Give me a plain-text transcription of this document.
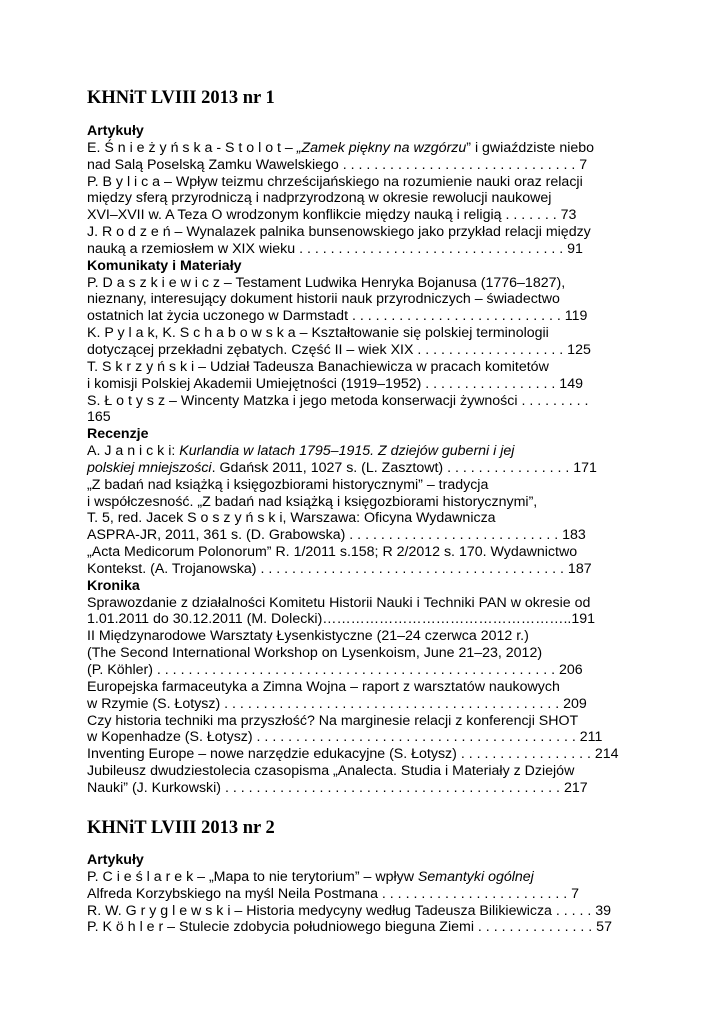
KHNiT LVIII 2013 nr 1
Artykuły
E. Ś n i e ż y ń s k a - S t o l o t – „Zamek piękny na wzgórzu” i gwiaździste niebo
nad Salą Poselską Zamku Wawelskiego . . . . . . . . . . . . . . . . . . . . . . . . . . . . . . 7
P. B y l i c a – Wpływ teizmu chrześcijańskiego na rozumienie nauki oraz relacji
między sferą przyrodniczą i nadprzyrodzoną w okresie rewolucji naukowej
XVI–XVII w. A Teza O wrodzonym konflikcie między nauką i religią . . . . . . . 73
J. R o d z e ń – Wynalazek palnika bunsenowskiego jako przykład relacji między
nauką a rzemiosłem w XIX wieku . . . . . . . . . . . . . . . . . . . . . . . . . . . . . . . . . . 91
Komunikaty i Materiały
P. D a s z k i e w i c z – Testament Ludwika Henryka Bojanusa (1776–1827),
nieznany, interesujący dokument historii nauk przyrodniczych – świadectwo
ostatnich lat życia uczonego w Darmstadt . . . . . . . . . . . . . . . . . . . . . . . . . . . 119
K. P y l a k, K. S c h a b o w s k a – Kształtowanie się polskiej terminologii
dotyczącej przekładni zębatych. Część II – wiek XIX . . . . . . . . . . . . . . . . . . . 125
T. S k r z y ń s k i – Udział Tadeusza Banachiewicza w pracach komitetów
i komisji Polskiej Akademii Umiejętności (1919–1952) . . . . . . . . . . . . . . . . . 149
S. Ł o t y s z – Wincenty Matzka i jego metoda konserwacji żywności . . . . . . . . .
165
Recenzje
A. J a n i c k i: Kurlandia w latach 1795–1915. Z dziejów guberni i jej
polskiej mniejszości. Gdańsk 2011, 1027 s. (L. Zasztowt) . . . . . . . . . . . . . . . . 171
„Z badań nad książką i księgozbiorami historycznymi” – tradycja
i współczesność. „Z badań nad książką i księgozbiorami historycznymi”,
T. 5, red. Jacek S o s z y ń s k i, Warszawa: Oficyna Wydawnicza
ASPRA-JR, 2011, 361 s. (D. Grabowska) . . . . . . . . . . . . . . . . . . . . . . . . . . . 183
„Acta Medicorum Polonorum” R. 1/2011 s.158; R 2/2012 s. 170. Wydawnictwo
Kontekst. (A. Trojanowska) . . . . . . . . . . . . . . . . . . . . . . . . . . . . . . . . . . . . . . . 187
Kronika
Sprawozdanie z działalności Komitetu Historii Nauki i Techniki PAN w okresie od
1.01.2011 do 30.12.2011 (M. Dolecki)……………………………………………..191
II Międzynarodowe Warsztaty Łysenkistyczne (21–24 czerwca 2012 r.)
(The Second International Workshop on Lysenkoism, June 21–23, 2012)
(P. Köhler) . . . . . . . . . . . . . . . . . . . . . . . . . . . . . . . . . . . . . . . . . . . . . . . . . . . 206
Europejska farmaceutyka a Zimna Wojna – raport z warsztatów naukowych
w Rzymie (S. Łotysz) . . . . . . . . . . . . . . . . . . . . . . . . . . . . . . . . . . . . . . . . . . . 209
Czy historia techniki ma przyszłość? Na marginesie relacji z konferencji SHOT
w Kopenhadze (S. Łotysz) . . . . . . . . . . . . . . . . . . . . . . . . . . . . . . . . . . . . . . . . . 211
Inventing Europe – nowe narzędzie edukacyjne (S. Łotysz) . . . . . . . . . . . . . . . . . 214
Jubileusz dwudziestolecia czasopisma „Analecta. Studia i Materiały z Dziejów
Nauki” (J. Kurkowski) . . . . . . . . . . . . . . . . . . . . . . . . . . . . . . . . . . . . . . . . . . . 217
KHNiT LVIII 2013 nr 2
Artykuły
P. C i e ś l a r e k – „Mapa to nie terytorium” – wpływ Semantyki ogólnej
Alfreda Korzybskiego na myśl Neila Postmana . . . . . . . . . . . . . . . . . . . . . . . . 7
R. W. G r y g l e w s k i – Historia medycyny według Tadeusza Bilikiewicza . . . . . 39
P. K ö h l e r – Stulecie zdobycia południowego bieguna Ziemi . . . . . . . . . . . . . . . 57
